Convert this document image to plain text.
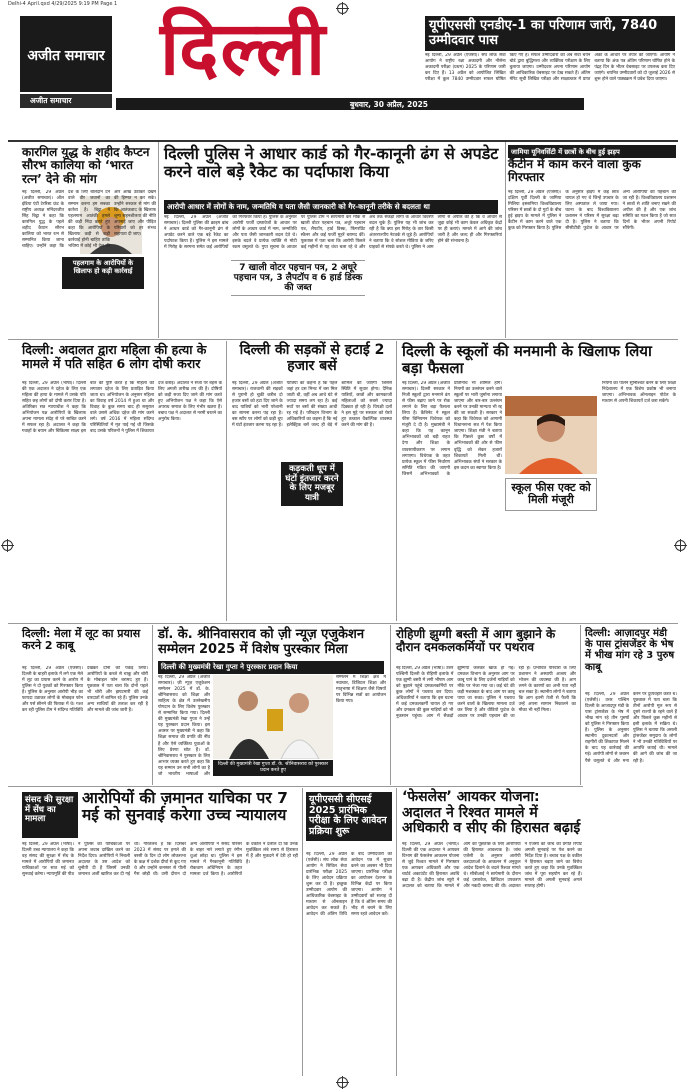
Delhi-4 April.qxd 4/29/2025 9:19 PM Page 1
अजीत समाचार
अजीत समाचार
दिल्ली
बुधवार, 30 अप्रैल, 2025
यूपीएससी एनडीए-1 का परिणाम जारी, 7840 उम्मीदवार पास
नई दिल्ली, 29 अप्रैल (एजेंसी)। संघ लोक सेवा आयोग ने राष्ट्रीय रक्षा अकादमी और नौसेना अकादमी परीक्षा (प्रथम) 2025 के परिणाम जारी कर दिए हैं। 13 अप्रैल को आयोजित लिखित परीक्षा में कुल 7840 उम्मीदवार सफल घोषित किए गए हैं। सफल उम्मीदवारों को अब सेवा चयन बोर्ड द्वारा बुद्धिमत्ता और व्यक्तित्व परीक्षण के लिए बुलाया जाएगा। उम्मीदवार अपना परिणाम आयोग की आधिकारिक वेबसाइट पर देख सकते हैं। अंतिम मेरिट सूची लिखित परीक्षा और साक्षात्कार में प्राप्त अंकों के आधार पर तैयार की जाएगी। आयोग ने बताया कि अंक पत्र अंतिम परिणाम घोषित होने के पंद्रह दिन के भीतर वेबसाइट पर उपलब्ध करा दिए जाएंगे। चयनित उम्मीदवारों को दो जुलाई 2026 से शुरू होने वाले पाठ्यक्रम में प्रवेश दिया जाएगा।
कारगिल युद्ध के शहीद कैप्टन सौरभ कालिया को ‘भारत रत्न’ देने की मांग
पहलगाम के आरोपियों के खिलाफ हो कड़ी कार्रवाई
नई दिल्ली, 29 अप्रैल (अजीत समाचार)। ऑल इंडिया एंटी टेररिस्ट फ्रंट के राष्ट्रीय अध्यक्ष मनिंदरजीत सिंह बिट्टा ने कहा कि कारगिल युद्ध के पहले शहीद कैप्टन सौरभ कालिया को भारत रत्न से सम्मानित किया जाना चाहिए। उन्होंने कहा कि देश के लिए बलिदान देने वाले वीर जवानों का सम्मान करना हम सबका कर्तव्य है। बिट्टा ने पहलगाम आतंकी हमले की कड़ी निंदा करते हुए कहा कि आरोपियों के खिलाफ कड़ी से कड़ी कार्रवाई होनी चाहिए ताकि भविष्य में कोई भी देश की ओर आंख उठाकर देखने की हिम्मत न कर सके। उन्होंने सरकार से मांग की कि आतंकवाद के खिलाफ शून्य सहनशीलता की नीति अपनाई जाए और पीड़ित परिवारों को हर संभव सहायता दी जाए।
दिल्ली पुलिस ने आधार कार्ड को गैर-कानूनी ढंग से अपडेट करने वाले बड़े रैकेट का पर्दाफाश किया
आरोपी आधार में लोगों के नाम, जन्मतिथि व पता जैसी जानकारी को गैर-कानूनी तरीके से बदलता था
नई दिल्ली, 29 अप्रैल (अजीत समाचार)। दिल्ली पुलिस की क्राइम ब्रांच ने आधार कार्ड को गैर-कानूनी ढंग से अपडेट करने वाले एक बड़े रैकेट का पर्दाफाश किया है। पुलिस ने इस मामले में गिरोह के सरगना समेत कई आरोपियों को गिरफ्तार किया है। पुलिस के अनुसार आरोपी फर्जी दस्तावेजों के आधार पर लोगों के आधार कार्ड में नाम, जन्मतिथि और पता जैसी जानकारी बदल देते थे। इसके बदले वे प्रत्येक व्यक्ति से मोटी रकम वसूलते थे। गुप्त सूचना के आधार पर पुलिस टीम ने छापेमारी कर मौके से खाली वोटर पहचान पत्र, अधूरे पहचान पत्र, लैपटॉप, हार्ड डिस्क, फिंगरप्रिंट स्कैनर और कई फर्जी मुहरें बरामद कीं। पूछताछ में पता चला कि आरोपी पिछले कई महीनों से यह धंधा चला रहे थे और अब तक सैकड़ों लोगों के आधार विवरण बदल चुके हैं। पुलिस यह भी जांच कर रही है कि क्या इस गिरोह के तार किसी अंतरराज्यीय नेटवर्क से जुड़े हैं। आरोपियों ने बताया कि वे सोशल मीडिया के जरिए ग्राहकों से संपर्क करते थे। पुलिस ने आम लोगों से अपील की है कि वे आधार से जुड़ा कोई भी काम केवल अधिकृत केंद्रों पर ही कराएं। मामले में आगे की जांच जारी है और जल्द ही और गिरफ्तारियां होने की संभावना है।
7 खाली वोटर पहचान पत्र, 2 अधूरे पहचान पत्र, 3 लैपटॉप व 6 हार्ड डिस्क की जब्त
जामिया यूनिवर्सिटी में छात्रों के बीच हुई झड़प
कैंटीन में काम करने वाला कुक गिरफ्तार
नई दिल्ली, 29 अप्रैल (एजेंसी)। दक्षिण पूर्वी दिल्ली के जामिया मिलिया इस्लामिया विश्वविद्यालय परिसर में छात्रों के दो गुटों के बीच हुई झड़प के मामले में पुलिस ने कैंटीन में काम करने वाले एक कुक को गिरफ्तार किया है। पुलिस के अनुसार झड़प में कई छात्र घायल हो गए थे जिन्हें उपचार के लिए अस्पताल ले जाया गया। घटना के बाद विश्वविद्यालय प्रशासन ने परिसर में सुरक्षा बढ़ा दी है। पुलिस ने बताया कि सीसीटीवी फुटेज के आधार पर अन्य आरोपियों की पहचान की जा रही है। विश्वविद्यालय प्रशासन ने छात्रों से शांति बनाए रखने की अपील की है और एक जांच समिति का गठन किया है जो सात दिनों के भीतर अपनी रिपोर्ट सौंपेगी।
दिल्ली: अदालत द्वारा महिला की हत्या के मामले में पति सहित 6 लोग दोषी करार
नई दिल्ली, 29 अप्रैल (भाषा)। दिल्ली की एक अदालत ने दहेज के लिए एक महिला की हत्या के मामले में उसके पति सहित छह लोगों को दोषी करार दिया है। अतिरिक्त सत्र न्यायाधीश ने कहा कि अभियोजन पक्ष आरोपियों के खिलाफ अपना मामला संदेह से परे साबित करने में सफल रहा है। अदालत ने कहा कि गवाहों के बयान और चिकित्सा साक्ष्य इस बात की पुष्टि करते हैं कि महिला को लगातार दहेज के लिए प्रताड़ित किया जाता था। अभियोजन के अनुसार महिला का विवाह वर्ष 2014 में हुआ था और विवाह के कुछ समय बाद ही ससुराल वाले उससे अधिक दहेज की मांग करने लगे। वर्ष 2016 में महिला संदिग्ध परिस्थितियों में मृत पाई गई थी जिसके बाद उसके परिजनों ने पुलिस में शिकायत दर्ज कराई। अदालत ने सजा पर बहस के लिए अगली तारीख तय की है। दोषियों को कड़ी सजा दिए जाने की मांग करते हुए अभियोजन पक्ष ने कहा कि ऐसे अपराध समाज के लिए गंभीर खतरा हैं। बचाव पक्ष ने अदालत से नरमी बरतने का अनुरोध किया।
दिल्ली की सड़कों से हटाई 2 हजार बसें
नई दिल्ली, 29 अप्रैल (अजीत समाचार)। राजधानी की सड़कों से पुरानी हो चुकी करीब दो हजार बसों को हटा दिए जाने के बाद यात्रियों को भारी परेशानी का सामना करना पड़ रहा है। बस स्टॉप पर लोगों को कड़ी धूप में घंटों इंतजार करना पड़ रहा है। यात्रियों का कहना है कि पहले जहां हर दस मिनट में बस मिल जाती थी, वहीं अब आधे घंटे से ज्यादा समय लग रहा है। कई रूटों पर बसों की संख्या आधी रह गई है। परिवहन विभाग के अधिकारियों का कहना है कि नई इलेक्ट्रिक बसें जल्द ही बेड़े में शामिल की जाएंगी जिससे स्थिति में सुधार होगा। दैनिक यात्रियों, छात्रों और कामकाजी महिलाओं को सबसे ज्यादा दिक्कत हो रही है। विपक्षी दलों ने इस मुद्दे पर सरकार को घेरते हुए तत्काल वैकल्पिक व्यवस्था करने की मांग की है।
कड़कती धूप में घंटों इंतजार करने के लिए मजबूर यात्री
दिल्ली के स्कूलों की मनमानी के खिलाफ लिया बड़ा फैसला
स्कूल फीस एक्ट को मिली मंजूरी
नई दिल्ली, 29 अप्रैल (अजीत समाचार)। दिल्ली सरकार ने निजी स्कूलों द्वारा मनमाने ढंग से फीस बढ़ाए जाने पर रोक लगाने के लिए बड़ा फैसला लिया है। कैबिनेट ने स्कूल फीस विनियमन विधेयक को मंजूरी दे दी है। मुख्यमंत्री ने कहा कि यह कानून अभिभावकों को बड़ी राहत देगा और शिक्षा के व्यवसायीकरण पर लगाम लगाएगा। विधेयक के तहत प्रत्येक स्कूल में फीस निर्धारण समिति गठित की जाएगी जिसमें अभिभावकों के प्रतिनिधि भी शामिल होंगे। नियमों का उल्लंघन करने वाले स्कूलों पर भारी जुर्माना लगाया जाएगा और बार-बार उल्लंघन करने पर उनकी मान्यता भी रद्द की जा सकती है। सरकार ने कहा कि विधेयक को आगामी विधानसभा सत्र में पेश किया जाएगा। शिक्षा मंत्री ने बताया कि पिछले कुछ वर्षों में अभिभावकों की ओर से फीस वृद्धि को लेकर हजारों शिकायतें मिली थीं। अभिभावक संघों ने सरकार के इस कदम का स्वागत किया है।
नियमों का पालन सुनिश्चित करने के लिए शिक्षा निदेशालय में एक विशेष प्रकोष्ठ भी बनाया जाएगा। अभिभावक ऑनलाइन पोर्टल के माध्यम से अपनी शिकायतें दर्ज करा सकेंगे।
दिल्ली: मेला में लूट का प्रयास करने 2 काबू
नई दिल्ली, 29 अप्रैल (एजेंसी)। दिल्ली के बाहरी इलाके में लगे एक मेले में लूट का प्रयास करने के आरोप में पुलिस ने दो युवकों को गिरफ्तार किया है। पुलिस के अनुसार आरोपी भीड़ का फायदा उठाकर लोगों के मोबाइल फोन और पर्स छीनने की फिराक में थे। गश्त कर रही पुलिस टीम ने संदिग्ध गतिविधि देखकर दोनों को पकड़ लिया। आरोपियों के कब्जे से चाकू और चोरी के मोबाइल फोन बरामद हुए हैं। पूछताछ में पता चला कि दोनों पहले भी चोरी और झपटमारी की कई वारदातों में शामिल रहे हैं। पुलिस उनके अन्य साथियों की तलाश कर रही है और मामले की जांच जारी है।
डॉ. के. श्रीनिवासराव को ज़ी न्यूज़ एजुकेशन सम्मेलन 2025 में विशेष पुरस्कार मिला
दिल्ली की मुख्यमंत्री रेखा गुप्ता ने पुरस्कार प्रदान किया
दिल्ली की मुख्यमंत्री रेखा गुप्ता डॉ. के. श्रीनिवासराव को पुरस्कार प्रदान करते हुए
नई दिल्ली, 29 अप्रैल (अजीत समाचार)। ज़ी न्यूज़ एजुकेशन सम्मेलन 2025 में डॉ. के. श्रीनिवासराव को शिक्षा और साहित्य के क्षेत्र में उल्लेखनीय योगदान के लिए विशेष पुरस्कार से सम्मानित किया गया। दिल्ली की मुख्यमंत्री रेखा गुप्ता ने उन्हें यह पुरस्कार प्रदान किया। इस अवसर पर मुख्यमंत्री ने कहा कि शिक्षा समाज की प्रगति की नींव है और ऐसे व्यक्तित्व युवाओं के लिए प्रेरणा स्रोत हैं। डॉ. श्रीनिवासराव ने पुरस्कार के लिए आभार व्यक्त करते हुए कहा कि यह सम्मान उन सभी लोगों का है जो भारतीय भाषाओं और
सम्मेलन में शिक्षा क्षेत्र में नवाचार, डिजिटल शिक्षा और मातृभाषा में शिक्षण जैसे विषयों पर विभिन्न सत्रों का आयोजन किया गया।
रोहिणी झुग्गी बस्ती में आग बुझाने के दौरान दमकलकर्मियों पर पथराव
नई दिल्ली, 29 अप्रैल (भाषा)। उत्तर पश्चिमी दिल्ली के रोहिणी इलाके में एक झुग्गी बस्ती में लगी भीषण आग को बुझाने पहुंचे दमकलकर्मियों पर कुछ लोगों ने पथराव कर दिया। अधिकारियों ने बताया कि इस घटना में कई दमकलकर्मी घायल हो गए और दमकल की कुछ गाड़ियों को भी नुकसान पहुंचा। आग में सैकड़ों झुग्गियां जलकर खाक हो गईं। दमकल विभाग के अनुसार आग पर काबू पाने के लिए दर्जनों गाड़ियों को मौके पर भेजा गया था। कई घंटे की कड़ी मशक्कत के बाद आग पर काबू पाया जा सका। पुलिस ने पथराव करने वालों के खिलाफ मामला दर्ज कर लिया है और वीडियो फुटेज के आधार पर उनकी पहचान की जा रही है। प्रभावित परिवारों के लिए प्रशासन ने अस्थायी आश्रय और भोजन की व्यवस्था की है। आग लगने के कारणों का अभी पता नहीं चल सका है। स्थानीय लोगों ने बताया कि आग इतनी तेजी से फैली कि उन्हें अपना सामान निकालने का मौका भी नहीं मिला।
दिल्ली: आज़ादपुर मंडी के पास ट्रांसजेंडर के भेष में भीख मांग रहे 3 पुरुष काबू
नई दिल्ली, 29 अप्रैल (एजेंसी)। उत्तर पश्चिम दिल्ली के आजादपुर मंडी के पास ट्रांसजेंडर के भेष में भीख मांग रहे तीन पुरुषों को पुलिस ने गिरफ्तार किया है। पुलिस के अनुसार स्थानीय दुकानदारों और राहगीरों की शिकायत मिलने के बाद यह कार्रवाई की गई। आरोपी लोगों से जबरन पैसे वसूलते थे और मना करने पर दुर्व्यवहार करते थे। पूछताछ में पता चला कि तीनों आरोपी मूल रूप से दूसरे राज्यों के रहने वाले हैं और पिछले कुछ महीनों से इसी इलाके में सक्रिय थे। पुलिस ने बताया कि असली ट्रांसजेंडर समुदाय के लोगों ने भी उनकी गतिविधियों पर आपत्ति जताई थी। मामले की आगे की जांच की जा रही है।
संसद की सुरक्षा में सेंध का मामला
आरोपियों की ज़मानत याचिका पर 7 मई को सुनवाई करेगा उच्च न्यायालय
नई दिल्ली, 29 अप्रैल (भाषा)। दिल्ली उच्च न्यायालय ने कहा कि वह संसद की सुरक्षा में सेंध के मामले में आरोपियों की जमानत याचिकाओं पर सात मई को सुनवाई करेगा। न्यायमूर्ति की पीठ ने पुलिस को याचिकाओं पर अपना जवाब दाखिल करने का निर्देश दिया। आरोपियों ने निचली अदालत के उस आदेश को चुनौती दी है जिसमें उनकी जमानत अर्जी खारिज कर दी गई थी। गौरतलब है कि दिसंबर 2023 में संसद पर हमले की बरसी के दिन दो लोग लोकसभा के कक्ष में दर्शक दीर्घा से कूद गए थे और उन्होंने कनस्तर से पीली गैस छोड़ी थी। उसी दौरान दो अन्य आरोपियों ने संसद परिसर के बाहर नारे लगाते हुए रंगीन धुआं छोड़ा था। पुलिस ने इस मामले में गैरकानूनी गतिविधि रोकथाम अधिनियम के तहत मामला दर्ज किया है। आरोपियों के वकील ने दलील दी कि उनके मुवक्किल लंबे समय से हिरासत में हैं और मुकदमे में देरी हो रही है।
यूपीएससी सीएसई 2025 प्रारंभिक परीक्षा के लिए आवेदन प्रक्रिया शुरू
नई दिल्ली, 29 अप्रैल (एजेंसी)। संघ लोक सेवा आयोग ने सिविल सेवा प्रारंभिक परीक्षा 2025 के लिए आवेदन प्रक्रिया शुरू कर दी है। इच्छुक उम्मीदवार आयोग की आधिकारिक वेबसाइट के माध्यम से ऑनलाइन आवेदन कर सकते हैं। आवेदन की अंतिम तिथि के बाद उम्मीदवारों को आवेदन पत्र में सुधार करने का अवसर भी दिया जाएगा। प्रारंभिक परीक्षा का आयोजन देशभर के विभिन्न केंद्रों पर किया जाएगा। आयोग ने उम्मीदवारों को सलाह दी है कि वे अंतिम समय की भीड़ से बचने के लिए समय रहते आवेदन करें।
‘फेसलेस’ आयकर योजना: अदालत ने रिश्वत मामले में अधिकारी व सीए की हिरासत बढ़ाई
नई दिल्ली, 29 अप्रैल (भाषा)। दिल्ली की एक अदालत ने आयकर विभाग की फेसलेस आकलन योजना से जुड़े रिश्वत मामले में गिरफ्तार एक आयकर अधिकारी और एक चार्टर्ड अकाउंटेंट की हिरासत अवधि बढ़ा दी है। केंद्रीय जांच ब्यूरो ने अदालत को बताया कि मामले में आगे की पूछताछ के लिए आरोपियों की हिरासत आवश्यक है। जांच एजेंसी के अनुसार आरोपी करदाताओं के आकलन में अनुकूल आदेश दिलाने के बदले रिश्वत मांगते थे। सीबीआई ने छापेमारी के दौरान कई दस्तावेज, डिजिटल उपकरण और नकदी बरामद की थी। अदालत ने एजेंसी को जांच की प्रगति रिपोर्ट अगली सुनवाई पर पेश करने का निर्देश दिया है। बचाव पक्ष के वकील ने हिरासत बढ़ाए जाने का विरोध करते हुए कहा कि उनके मुवक्किल जांच में पूरा सहयोग कर रहे हैं। मामले की अगली सुनवाई अगले सप्ताह होगी।
